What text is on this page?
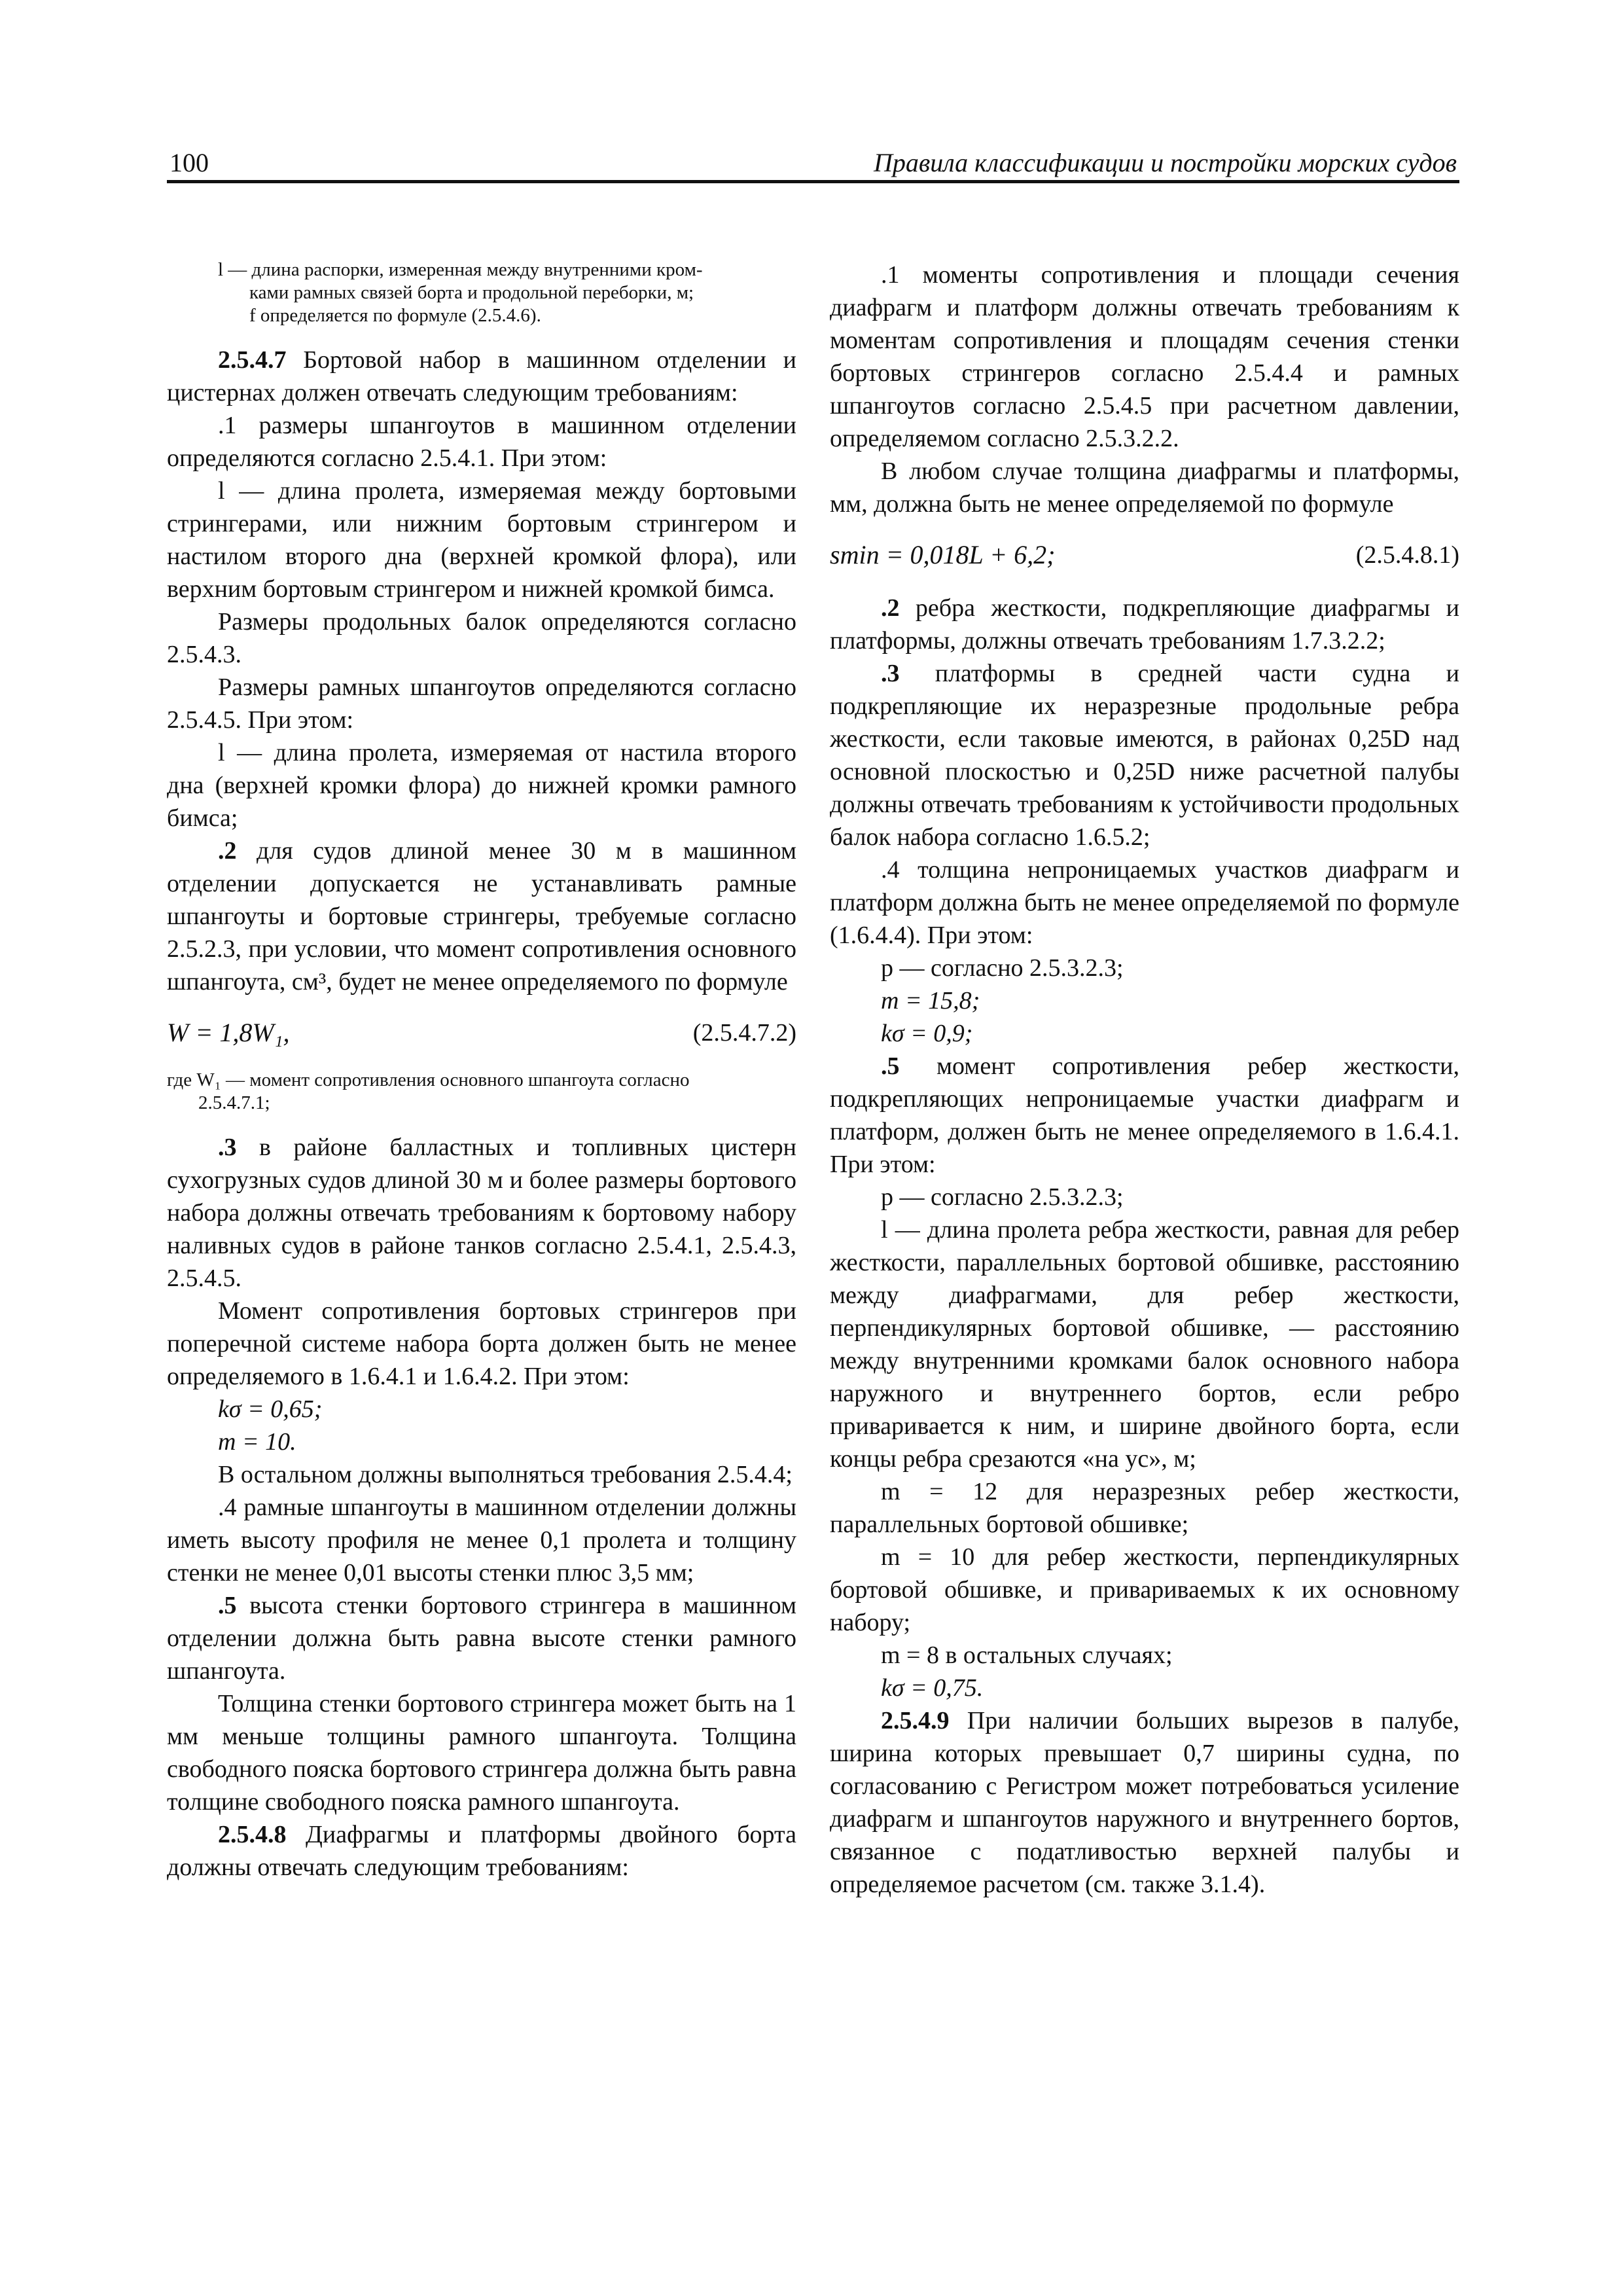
100	Правила классификации и постройки морских судов

l — длина распорки, измеренная между внутренними кром-

ками рамных связей борта и продольной переборки, м;

f определяется по формуле (2.5.4.6).

2.5.4.7 Бортовой набор в машинном отделении и цистернах должен отвечать следующим требованиям:

.1 размеры шпангоутов в машинном отделении определяются согласно 2.5.4.1. При этом:

l — длина пролета, измеряемая между бортовыми стрингерами, или нижним бортовым стрингером и настилом второго дна (верхней кромкой флора), или верхним бортовым стрингером и нижней кромкой бимса.

Размеры продольных балок определяются согласно 2.5.4.3.

Размеры рамных шпангоутов определяются согласно 2.5.4.5. При этом:

l — длина пролета, измеряемая от настила второго дна (верхней кромки флора) до нижней кромки рамного бимса;

.2 для судов длиной менее 30 м в машинном отделении допускается не устанавливать рамные шпангоуты и бортовые стрингеры, требуемые согласно 2.5.2.3, при условии, что момент сопротивления основного шпангоута, см³, будет не менее определяемого по формуле

W = 1,8W₁,	(2.5.4.7.2)

где W₁ — момент сопротивления основного шпангоута согласно

2.5.4.7.1;

.3 в районе балластных и топливных цистерн сухогрузных судов длиной 30 м и более размеры бортового набора должны отвечать требованиям к бортовому набору наливных судов в районе танков согласно 2.5.4.1, 2.5.4.3, 2.5.4.5.

Момент сопротивления бортовых стрингеров при поперечной системе набора борта должен быть не менее определяемого в 1.6.4.1 и 1.6.4.2. При этом:

kσ = 0,65;

m = 10.

В остальном должны выполняться требования 2.5.4.4;

.4 рамные шпангоуты в машинном отделении должны иметь высоту профиля не менее 0,1 пролета и толщину стенки не менее 0,01 высоты стенки плюс 3,5 мм;

.5 высота стенки бортового стрингера в машинном отделении должна быть равна высоте стенки рамного шпангоута.

Толщина стенки бортового стрингера может быть на 1 мм меньше толщины рамного шпангоута. Толщина свободного пояска бортового стрингера должна быть равна толщине свободного пояска рамного шпангоута.

2.5.4.8 Диафрагмы и платформы двойного борта должны отвечать следующим требованиям:

.1 моменты сопротивления и площади сечения диафрагм и платформ должны отвечать требованиям к моментам сопротивления и площадям сечения стенки бортовых стрингеров согласно 2.5.4.4 и рамных шпангоутов согласно 2.5.4.5 при расчетном давлении, определяемом согласно 2.5.3.2.2.

В любом случае толщина диафрагмы и платформы, мм, должна быть не менее определяемой по формуле

smin = 0,018L + 6,2;	(2.5.4.8.1)

.2 ребра жесткости, подкрепляющие диафрагмы и платформы, должны отвечать требованиям 1.7.3.2.2;

.3 платформы в средней части судна и подкрепляющие их неразрезные продольные ребра жесткости, если таковые имеются, в районах 0,25D над основной плоскостью и 0,25D ниже расчетной палубы должны отвечать требованиям к устойчивости продольных балок набора согласно 1.6.5.2;

.4 толщина непроницаемых участков диафрагм и платформ должна быть не менее определяемой по формуле (1.6.4.4). При этом:

p — согласно 2.5.3.2.3;

m = 15,8;

kσ = 0,9;

.5 момент сопротивления ребер жесткости, подкрепляющих непроницаемые участки диафрагм и платформ, должен быть не менее определяемого в 1.6.4.1. При этом:

p — согласно 2.5.3.2.3;

l — длина пролета ребра жесткости, равная для ребер жесткости, параллельных бортовой обшивке, расстоянию между диафрагмами, для ребер жесткости, перпендикулярных бортовой обшивке, — расстоянию между внутренними кромками балок основного набора наружного и внутреннего бортов, если ребро приваривается к ним, и ширине двойного борта, если концы ребра срезаются «на ус», м;

m = 12 для неразрезных ребер жесткости, параллельных бортовой обшивке;

m = 10 для ребер жесткости, перпендикулярных бортовой обшивке, и привариваемых к их основному набору;

m = 8 в остальных случаях;

kσ = 0,75.

2.5.4.9 При наличии больших вырезов в палубе, ширина которых превышает 0,7 ширины судна, по согласованию с Регистром может потребоваться усиление диафрагм и шпангоутов наружного и внутреннего бортов, связанное с податливостью верхней палубы и определяемое расчетом (см. также 3.1.4).
